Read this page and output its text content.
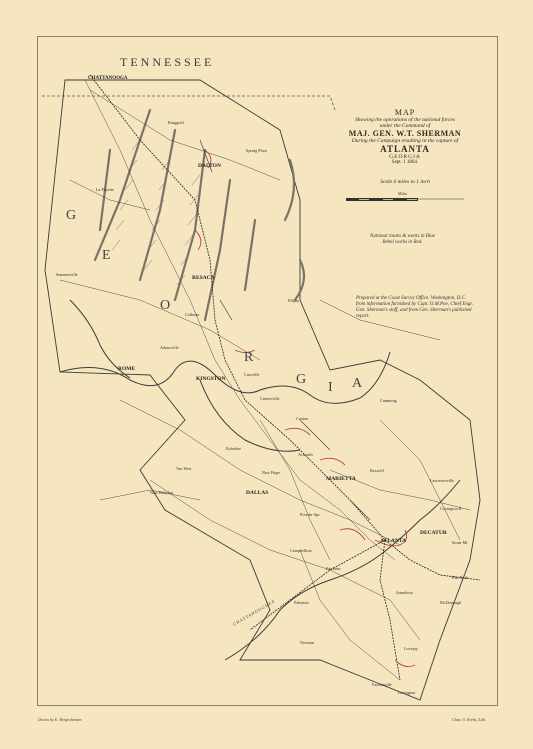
TENNESSEE
G
E
O
R
G
I A
MAP
Showing the operations of the national forces
under the Command of
MAJ. GEN. W.T. SHERMAN
During the Campaign resulting in the capture of
ATLANTA
GEORGIA
Sept. 1 1864.
Scale 6 miles to 1 inch
Miles
National routes & works in Blue
Rebel works in Red.
Prepared at the Coast Survey Office, Washington, D.C.
from information furnished by Capt. O.M.Poe, Chief Engr.
Gen. Sherman's staff, and from Gen. Sherman's published
report.
CHATTANOOGA
Ringgold
DALTON
La Fayette
Spring Place
RESACA
Summerville
Calhoun
Ellijay
Adairsville
ROME
KINGSTON
Cassville
Cartersville
Canton
Cumming
Van Wert
Euharlee
Acworth
New Hope
DALLAS
MARIETTA
Roswell
New Babylon
Lawrenceville
Powder Spr.
ATLANTA
DECATUR
Stone Mt
Campbellton
Fairburn
Flat Rock
Jonesboro
Palmetto	McDonough
Newnan
Lovejoy
Fayetteville
Lexington
Covington R.
CHATTAHOOCHEE
Drawn by E. Hergesheimer.	Chas. G. Krebs, Lith.
